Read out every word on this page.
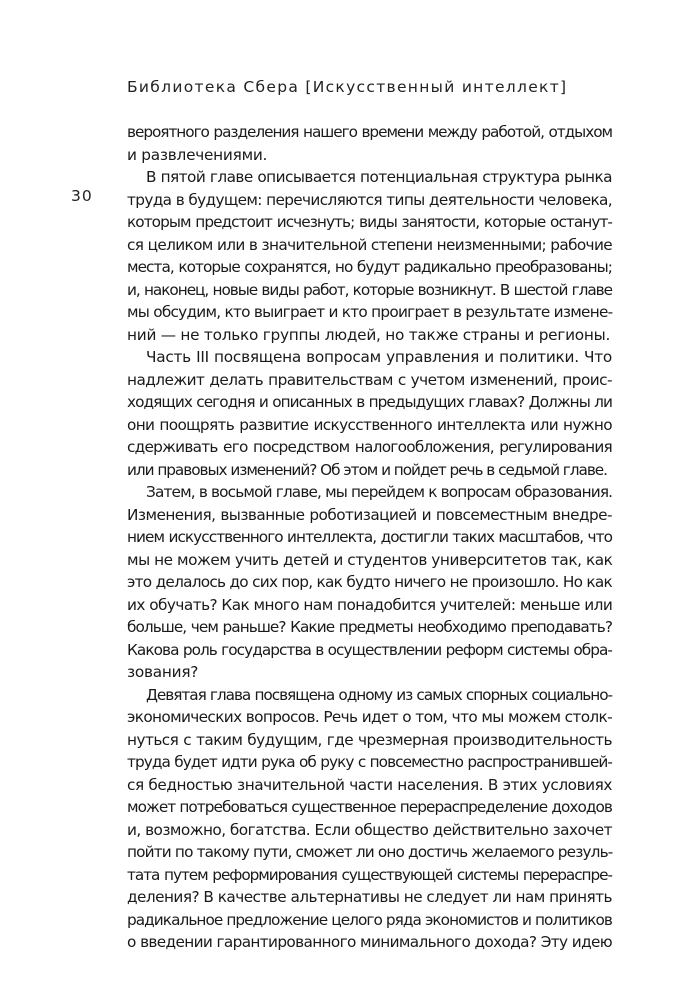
Библиотека Сбера [Искусственный интеллект]
30
вероятного разделения нашего времени между работой, отдыхом
и развлечениями.
В пятой главе описывается потенциальная структура рынка
труда в будущем: перечисляются типы деятельности человека,
которым предстоит исчезнуть; виды занятости, которые останут-
ся целиком или в значительной степени неизменными; рабочие
места, которые сохранятся, но будут радикально преобразованы;
и, наконец, новые виды работ, которые возникнут. В шестой главе
мы обсудим, кто выиграет и кто проиграет в результате измене-
ний — не только группы людей, но также страны и регионы.
Часть III посвящена вопросам управления и политики. Что
надлежит делать правительствам с учетом изменений, проис-
ходящих сегодня и описанных в предыдущих главах? Должны ли
они поощрять развитие искусственного интеллекта или нужно
сдерживать его посредством налогообложения, регулирования
или правовых изменений? Об этом и пойдет речь в седьмой главе.
Затем, в восьмой главе, мы перейдем к вопросам образования.
Изменения, вызванные роботизацией и повсеместным внедре-
нием искусственного интеллекта, достигли таких масштабов, что
мы не можем учить детей и студентов университетов так, как
это делалось до сих пор, как будто ничего не произошло. Но как
их обучать? Как много нам понадобится учителей: меньше или
больше, чем раньше? Какие предметы необходимо преподавать?
Какова роль государства в осуществлении реформ системы обра-
зования?
Девятая глава посвящена одному из самых спорных социально-
экономических вопросов. Речь идет о том, что мы можем столк-
нуться с таким будущим, где чрезмерная производительность
труда будет идти рука об руку с повсеместно распространившей-
ся бедностью значительной части населения. В этих условиях
может потребоваться существенное перераспределение доходов
и, возможно, богатства. Если общество действительно захочет
пойти по такому пути, сможет ли оно достичь желаемого резуль-
тата путем реформирования существующей системы перераспре-
деления? В качестве альтернативы не следует ли нам принять
радикальное предложение целого ряда экономистов и политиков
о введении гарантированного минимального дохода? Эту идею
